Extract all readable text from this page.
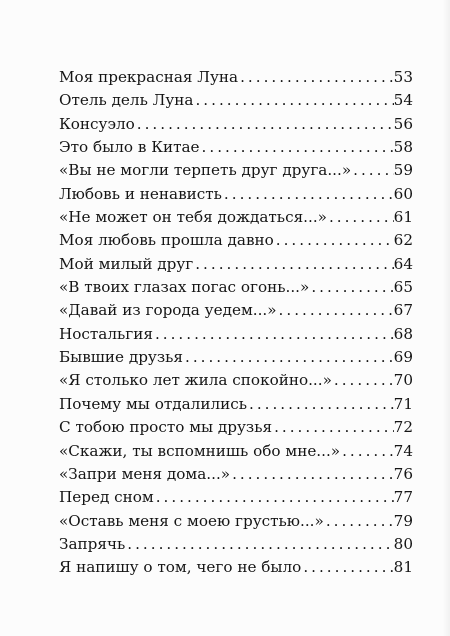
Моя прекрасная Луна .....	53
Отель дель Луна .....	54
Консуэло .....	56
Это было в Китае .....	58
«Вы не могли терпеть друг друга...» .....	59
Любовь и ненависть .....	60
«Не может он тебя дождаться...» .....	61
Моя любовь прошла давно .....	62
Мой милый друг .....	64
«В твоих глазах погас огонь...» .....	65
«Давай из города уедем...» .....	67
Ностальгия .....	68
Бывшие друзья .....	69
«Я столько лет жила спокойно...» .....	70
Почему мы отдалились .....	71
С тобою просто мы друзья .....	72
«Скажи, ты вспомнишь обо мне...» .....	74
«Запри меня дома...» .....	76
Перед сном .....	77
«Оставь меня с моею грустью...» .....	79
Запрячь .....	80
Я напишу о том, чего не было .....	81
